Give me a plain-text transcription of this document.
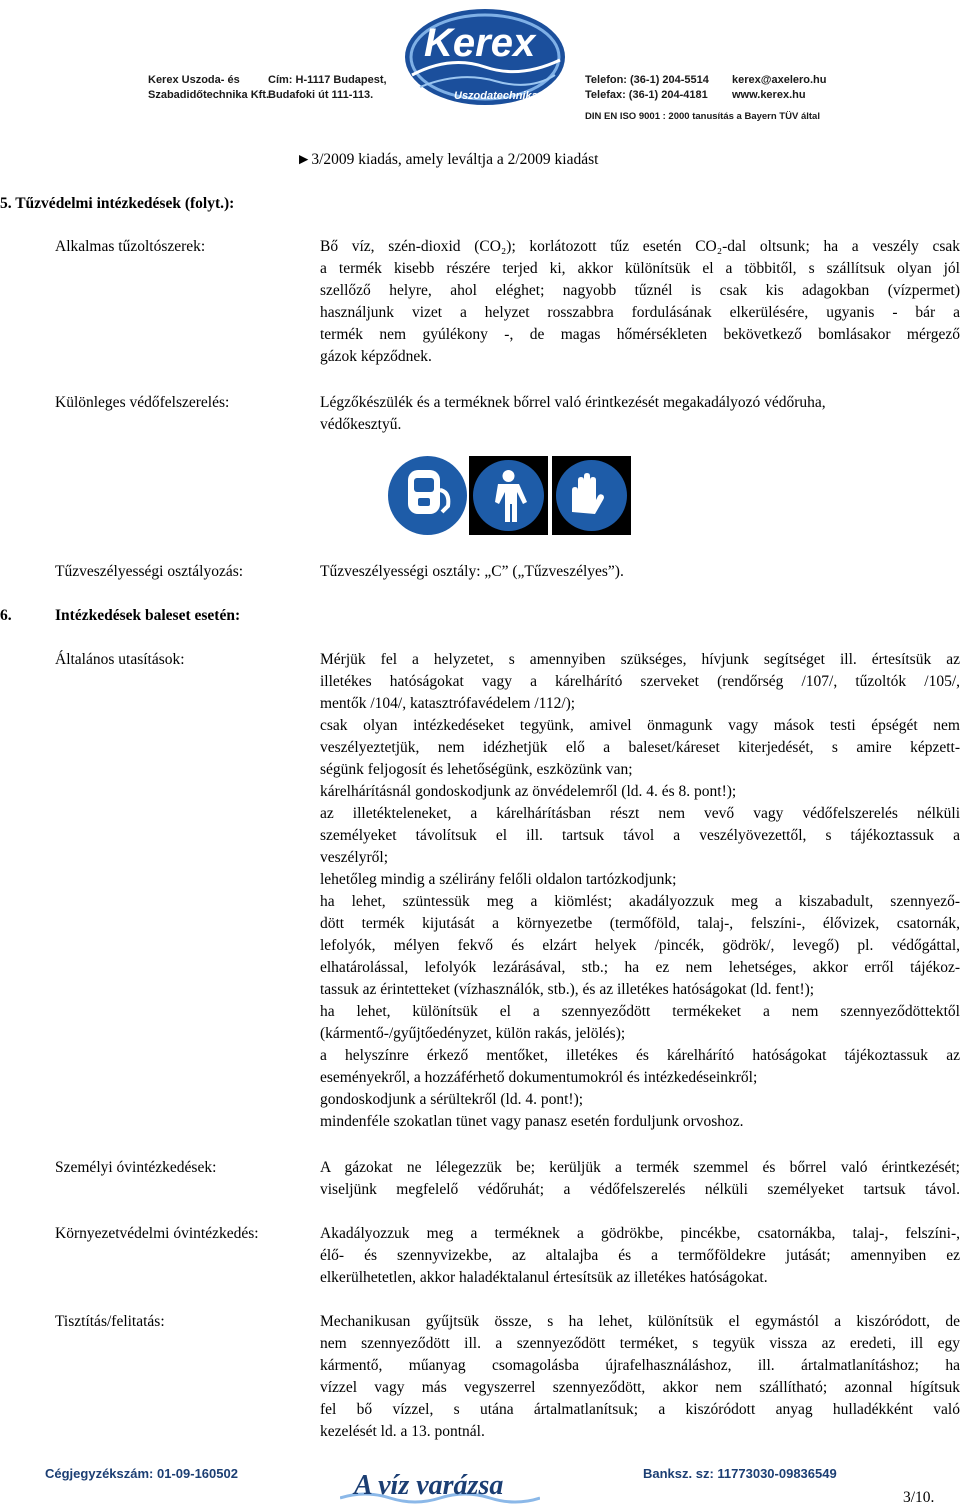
Kerex Uszoda- és
Szabadidőtechnika Kft.
Cím: H-1117 Budapest,
Budafoki út 111-113.
Kerex
Uszodatechnika
Telefon: (36-1) 204-5514
Telefax: (36-1) 204-4181
kerex@axelero.hu
www.kerex.hu
DIN EN ISO 9001 : 2000 tanusítás a Bayern TÜV által
►3/2009 kiadás, amely leváltja a 2/2009 kiadást
5. Tűzvédelmi intézkedések (folyt.):
Alkalmas tűzoltószerek:	Bő víz, szén-dioxid (CO₂); korlátozott tűz esetén CO₂-dal oltsunk; ha a veszély csak
a termék kisebb részére terjed ki, akkor különítsük el a többitől, s szállítsuk olyan jól
szellőző helyre, ahol eléghet; nagyobb tűznél is csak kis adagokban (vízpermet)
használjunk vizet a helyzet rosszabbra fordulásának elkerülésére, ugyanis - bár a
termék nem gyúlékony -, de magas hőmérsékleten bekövetkező bomlásakor mérgező
gázok képződnek.
Különleges védőfelszerelés:	Légzőkészülék és a terméknek bőrrel való érintkezését megakadályozó védőruha,
védőkesztyű.
Tűzveszélyességi osztályozás:	Tűzveszélyességi osztály: „C” („Tűzveszélyes”).
6.	Intézkedések baleset esetén:
Általános utasítások:	Mérjük fel a helyzetet, s amennyiben szükséges, hívjunk segítséget ill. értesítsük az
illetékes hatóságokat vagy a kárelhárító szerveket (rendőrség /107/, tűzoltók /105/,
mentők /104/, katasztrófavédelem /112/);
csak olyan intézkedéseket tegyünk, amivel önmagunk vagy mások testi épségét nem
veszélyeztetjük, nem idézhetjük elő a baleset/káreset kiterjedését, s amire képzett-
ségünk feljogosít és lehetőségünk, eszközünk van;
kárelhárításnál gondoskodjunk az önvédelemről (ld. 4. és 8. pont!);
az illetékteleneket, a kárelhárításban részt nem vevő vagy védőfelszerelés nélküli
személyeket távolítsuk el ill. tartsuk távol a veszélyövezettől, s tájékoztassuk a
veszélyről;
lehetőleg mindig a szélirány felőli oldalon tartózkodjunk;
ha lehet, szüntessük meg a kiömlést; akadályozzuk meg a kiszabadult, szennyező-
dött termék kijutását a környezetbe (termőföld, talaj-, felszíni-, élővizek, csatornák,
lefolyók, mélyen fekvő és elzárt helyek /pincék, gödrök/, levegő) pl. védőgáttal,
elhatárolással, lefolyók lezárásával, stb.; ha ez nem lehetséges, akkor erről tájékoz-
tassuk az érintetteket (vízhasználók, stb.), és az illetékes hatóságokat (ld. fent!);
ha lehet, különítsük el a szennyeződött termékeket a nem szennyeződöttektől
(kármentő-/gyűjtőedényzet, külön rakás, jelölés);
a helyszínre érkező mentőket, illetékes és kárelhárító hatóságokat tájékoztassuk az
eseményekről, a hozzáférhető dokumentumokról és intézkedéseinkről;
gondoskodjunk a sérültekről (ld. 4. pont!);
mindenféle szokatlan tünet vagy panasz esetén forduljunk orvoshoz.
Személyi óvintézkedések:	A gázokat ne lélegezzük be; kerüljük a termék szemmel és bőrrel való érintkezését;
viseljünk megfelelő védőruhát; a védőfelszerelés nélküli személyeket tartsuk távol.
Környezetvédelmi óvintézkedés:	Akadályozzuk meg a terméknek a gödrökbe, pincékbe, csatornákba, talaj-, felszíni-,
élő- és szennyvizekbe, az altalajba és a termőföldekre jutását; amennyiben ez
elkerülhetetlen, akkor haladéktalanul értesítsük az illetékes hatóságokat.
Tisztítás/felitatás:	Mechanikusan gyűjtsük össze, s ha lehet, különítsük el egymástól a kiszóródott, de
nem szennyeződött ill. a szennyeződött terméket, s tegyük vissza az eredeti, ill egy
kármentő, műanyag csomagolásba újrafelhasználáshoz, ill. ártalmatlanításhoz; ha
vízzel vagy más vegyszerrel szennyeződött, akkor nem szállítható; azonnal hígítsuk
fel bő vízzel, s utána ártalmatlanítsuk; a kiszóródott anyag hulladékként való
kezelését ld. a 13. pontnál.
Cégjegyzékszám: 01-09-160502	A víz varázsa	Banksz. sz: 11773030-09836549
3/10.
